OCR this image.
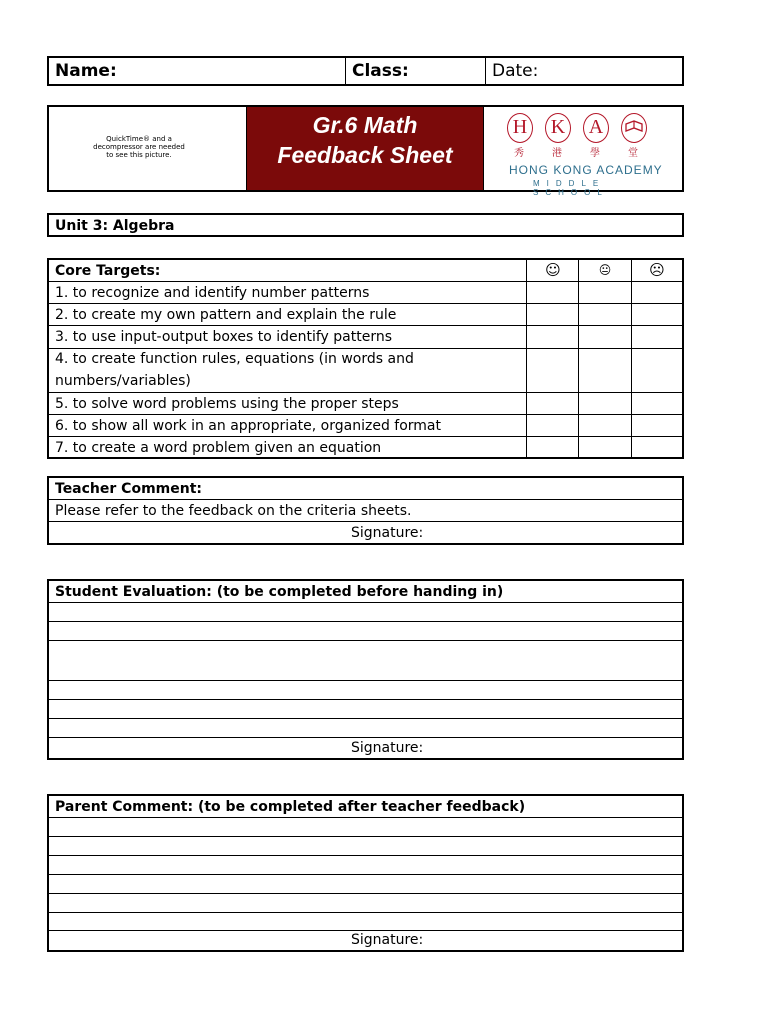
Name:	Class:	Date:
QuickTime® and a decompressor are needed to see this picture.
Gr.6 Math
Feedback Sheet
H K A
秀	港	學	堂
HONG KONG ACADEMY
MIDDLE SCHOOL
Unit 3: Algebra
Core Targets:	☺	😐	☹
1. to recognize and identify number patterns
2. to create my own pattern and explain the rule
3. to use input-output boxes to identify patterns
4. to create function rules, equations (in words and
numbers/variables)
5. to solve word problems using the proper steps
6. to show all work in an appropriate, organized format
7. to create a word problem given an equation
Teacher Comment:
Please refer to the feedback on the criteria sheets.
Signature:
Student Evaluation: (to be completed before handing in)
Signature:
Parent Comment: (to be completed after teacher feedback)
Signature:
